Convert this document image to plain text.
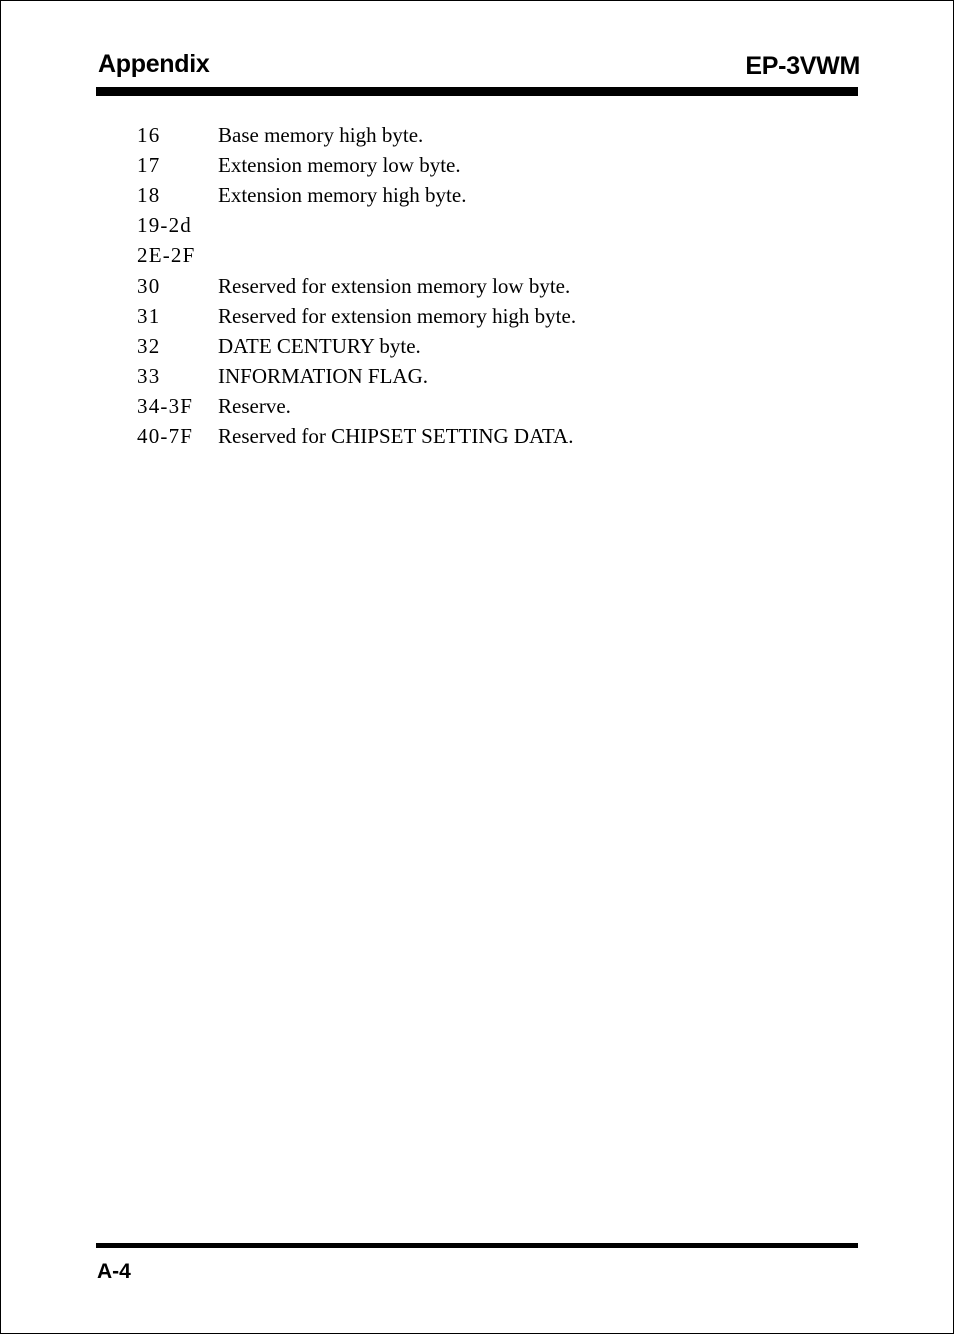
Appendix	EP-3VWM
16	Base memory high byte.
17	Extension memory low byte.
18	Extension memory high byte.
19-2d
2E-2F
30	Reserved for extension memory low byte.
31	Reserved for extension memory high byte.
32	DATE CENTURY byte.
33	INFORMATION FLAG.
34-3F	Reserve.
40-7F	Reserved for CHIPSET SETTING DATA.
A-4
